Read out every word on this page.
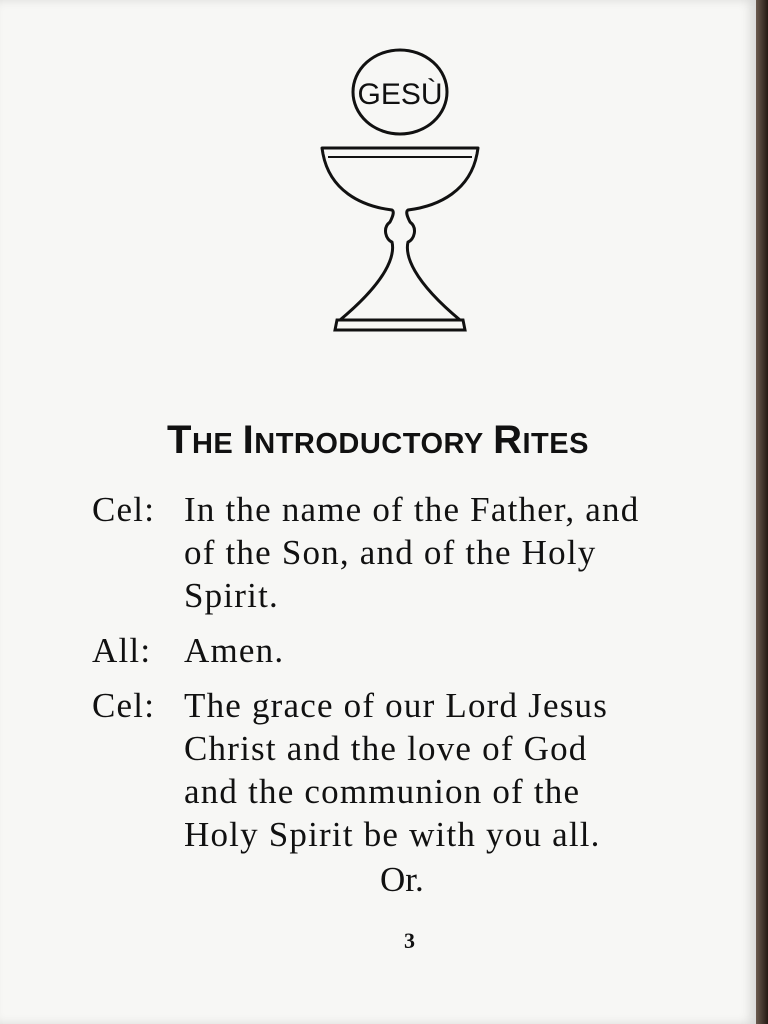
GESÙ
THE INTRODUCTORY RITES
Cel: In the name of the Father, and
of the Son, and of the Holy
Spirit.
All: Amen.
Cel: The grace of our Lord Jesus
Christ and the love of God
and the communion of the
Holy Spirit be with you all.
Or.
3
